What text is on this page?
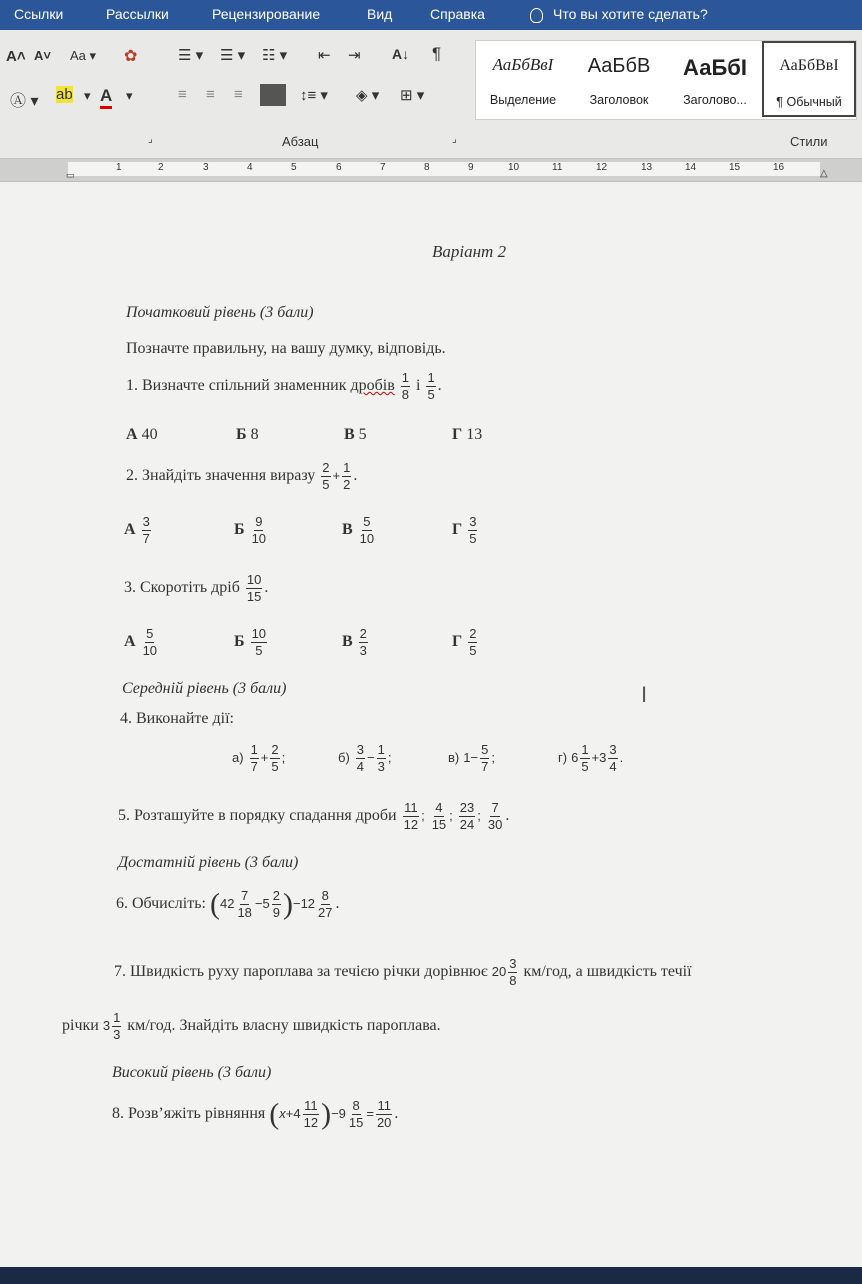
Ссылки	Рассылки	Рецензирование	Вид	Справка	Что вы хотите сделать?
A˄ A˅ Aa ▾ ✿
Ⓐ ▾ ab ▾ A ▾
☰ ▾ ☰ ▾ ☷ ▾ ⇤ ⇥ A↓ ¶
≡ ≡ ≡	↕≡ ▾ ◈ ▾ ⊞ ▾
Абзац
⌟	⌟
АаБбВвІ
Выделение
АаБбВ
Заголовок
АаБбІ
Заголово...
АаБбВвІ
¶ Обычный
Стили
1	2	3	4	5	6	7	8	9	10	11	12	13	14	15	16
▭	△
Варіант 2
Початковий рівень (3 бали)
Позначте правильну, на вашу думку, відповідь.
1. Визначте спільний знаменник дробів $\frac{1}{8}$ і $\frac{1}{5}$ .
А 40	Б 8	В 5	Г 13
2. Знайдіть значення виразу $\frac{2}{5} + \frac{1}{2}$ .
А $\frac{3}{7}$	Б $\frac{9}{10}$	В $\frac{5}{10}$	Г $\frac{3}{5}$
3. Скоротіть дріб $\frac{10}{15}$ .
А $\frac{5}{10}$	Б $\frac{10}{5}$	В $\frac{2}{3}$	Г $\frac{2}{5}$
Середній рівень (3 бали)
4. Виконайте дії:
$а) \frac{1}{7} + \frac{2}{5}$ ;	$б) \frac{3}{4} - \frac{1}{3}$ ;	в) $1- \frac{5}{7}$ ;	г) $6 \frac{1}{5} +3 \frac{3}{4}$ .
5. Розташуйте в порядку спадання дроби $\frac{11}{12}$ ; $\frac{4}{15}$ ; $\frac{23}{24}$ ; $\frac{7}{30}$ .
Достатній рівень (3 бали)
6. Обчисліть: $(42 \frac{7}{18} -5 \frac{2}{9} )-12 \frac{8}{27}$ .
7. Швидкість руху пароплава за течією річки дорівнює $20 \frac{3}{8} км/год$, а швидкість течії
річки $3 \frac{1}{3} км/год$. Знайдіть власну швидкість пароплава.
Високий рівень (3 бали)
8. Розв’яжіть рівняння $(x+4 \frac{11}{12} )-9 \frac{8}{15} = \frac{11}{20}$ .
I
